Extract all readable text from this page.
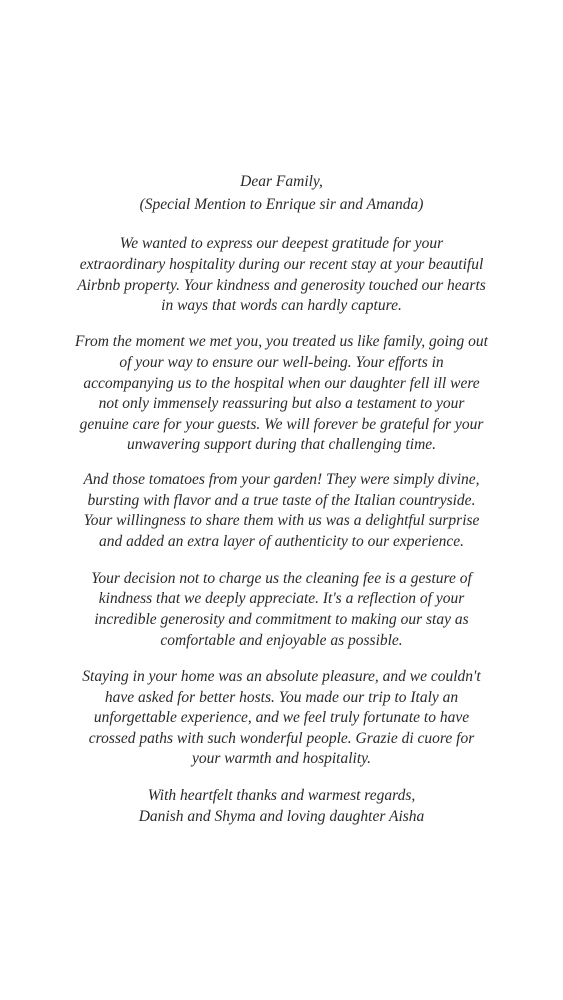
Dear Family,
(Special Mention to Enrique sir and Amanda)
We wanted to express our deepest gratitude for your
extraordinary hospitality during our recent stay at your beautiful
Airbnb property. Your kindness and generosity touched our hearts
in ways that words can hardly capture.
From the moment we met you, you treated us like family, going out
of your way to ensure our well-being. Your efforts in
accompanying us to the hospital when our daughter fell ill were
not only immensely reassuring but also a testament to your
genuine care for your guests. We will forever be grateful for your
unwavering support during that challenging time.
And those tomatoes from your garden! They were simply divine,
bursting with flavor and a true taste of the Italian countryside.
Your willingness to share them with us was a delightful surprise
and added an extra layer of authenticity to our experience.
Your decision not to charge us the cleaning fee is a gesture of
kindness that we deeply appreciate. It's a reflection of your
incredible generosity and commitment to making our stay as
comfortable and enjoyable as possible.
Staying in your home was an absolute pleasure, and we couldn't
have asked for better hosts. You made our trip to Italy an
unforgettable experience, and we feel truly fortunate to have
crossed paths with such wonderful people. Grazie di cuore for
your warmth and hospitality.
With heartfelt thanks and warmest regards,
Danish and Shyma and loving daughter Aisha
